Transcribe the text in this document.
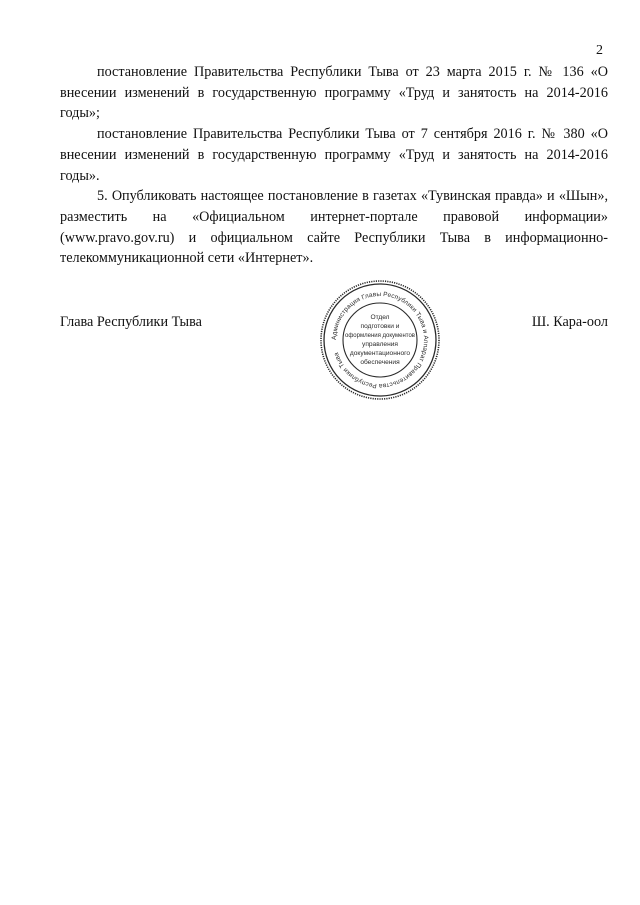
2

постановление Правительства Республики Тыва от 23 марта 2015 г. № 136 «О внесении изменений в государственную программу «Труд и занятость на 2014-2016 годы»;

постановление Правительства Республики Тыва от 7 сентября 2016 г. № 380 «О внесении изменений в государственную программу «Труд и занятость на 2014-2016 годы».

5. Опубликовать настоящее постановление в газетах «Тувинская правда» и «Шын», разместить на «Официальном интернет-портале правовой информации» (www.pravo.gov.ru) и официальном сайте Республики Тыва в информационно-телекоммуникационной сети «Интернет».

Глава Республики Тыва	Ш. Кара-оол
Администрация Главы Республики Тыва и Аппарат Правительства Республики Тыва
Отдел
подготовки и
оформления документов
управления
документационного
обеспечения
